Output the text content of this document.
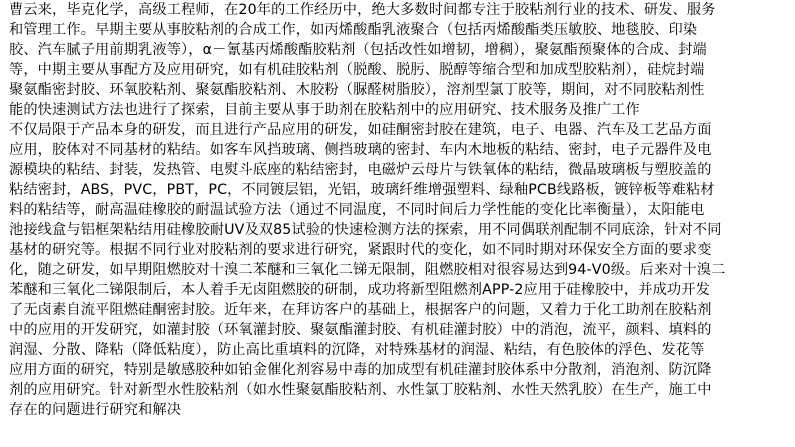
曹云来，毕克化学，高级工程师，在20年的工作经历中，绝大多数时间都专注于胶粘剂行业的技术、研发、服务
和管理工作。早期主要从事胶粘剂的合成工作，如丙烯酸酯乳液聚合（包括丙烯酸酯类压敏胶、地毯胶、印染
胶、汽车腻子用前期乳液等），α－氰基丙烯酸酯胶粘剂（包括改性如增韧，增稠），聚氨酯预聚体的合成、封端
等，中期主要从事配方及应用研究，如有机硅胶粘剂（脱酸、脱肟、脱醇等缩合型和加成型胶粘剂），硅烷封端
聚氨酯密封胶、环氧胶粘剂、聚氨酯胶粘剂、木胶粉（脲醛树脂胶），溶剂型氯丁胶等，期间，对不同胶粘剂性
能的快速测试方法也进行了探索，目前主要从事于助剂在胶粘剂中的应用研究、技术服务及推广工作
不仅局限于产品本身的研发，而且进行产品应用的研发，如硅酮密封胶在建筑，电子、电器、汽车及工艺品方面
应用，胶体对不同基材的粘结。如客车风挡玻璃、侧挡玻璃的密封、车内木地板的粘结、密封，电子元器件及电
源模块的粘结、封装，发热管、电熨斗底座的粘结密封，电磁炉云母片与铁氧体的粘结，微晶玻璃板与塑胶盖的
粘结密封，ABS，PVC，PBT，PC，不同镀层铝，光铝，玻璃纤维增强塑料、绿釉PCB线路板，镀锌板等难粘材
料的粘结等，耐高温硅橡胶的耐温试验方法（通过不同温度，不同时间后力学性能的变化比率衡量），太阳能电
池接线盒与铝框架粘结用硅橡胶耐UV及双85试验的快速检测方法的探索，用不同偶联剂配制不同底涂，针对不同
基材的研究等。根据不同行业对胶粘剂的要求进行研究，紧跟时代的变化，如不同时期对环保安全方面的要求变
化，随之研发，如早期阻燃胶对十溴二苯醚和三氧化二锑无限制，阻燃胶相对很容易达到94-V0级。后来对十溴二
苯醚和三氧化二锑限制后，本人着手无卤阻燃胶的研制，成功将新型阻燃剂APP-2应用于硅橡胶中，并成功开发
了无卤素自流平阻燃硅酮密封胶。近年来，在拜访客户的基础上，根据客户的问题，又着力于化工助剂在胶粘剂
中的应用的开发研究，如灌封胶（环氧灌封胶、聚氨酯灌封胶、有机硅灌封胶）中的消泡，流平，颜料、填料的
润湿、分散、降粘（降低粘度），防止高比重填料的沉降，对特殊基材的润湿、粘结，有色胶体的浮色、发花等
应用方面的研究，特别是敏感胶种如铂金催化剂容易中毒的加成型有机硅灌封胶体系中分散剂，消泡剂、防沉降
剂的应用研究。针对新型水性胶粘剂（如水性聚氨酯胶粘剂、水性氯丁胶粘剂、水性天然乳胶）在生产，施工中
存在的问题进行研究和解决
